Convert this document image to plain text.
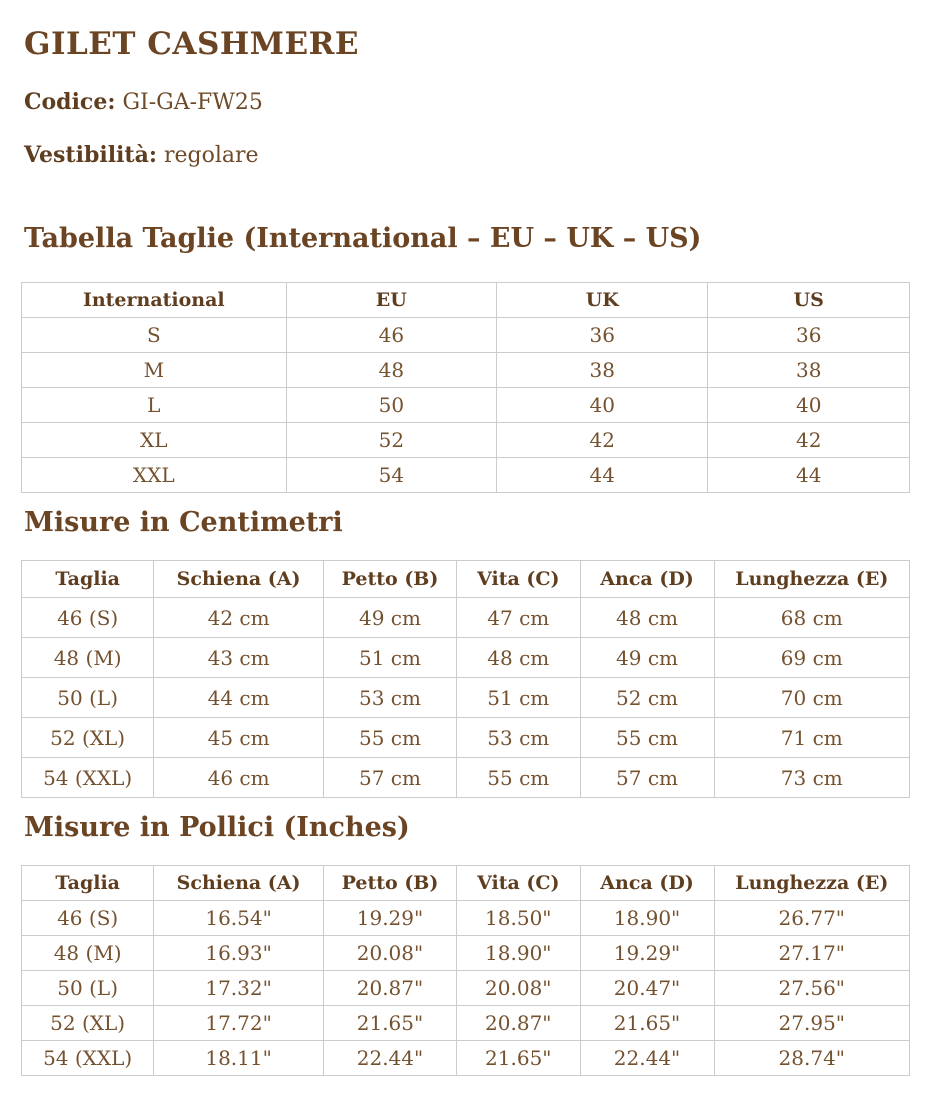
GILET CASHMERE

Codice: GI-GA-FW25

Vestibilità: regolare

Tabella Taglie (International – EU – UK – US)
International	EU	UK	US
S	46	36	36
M	48	38	38
L	50	40	40
XL	52	42	42
XXL	54	44	44
Misure in Centimetri
Taglia	Schiena (A)	Petto (B)	Vita (C)	Anca (D)	Lunghezza (E)
46 (S)	42 cm	49 cm	47 cm	48 cm	68 cm
48 (M)	43 cm	51 cm	48 cm	49 cm	69 cm
50 (L)	44 cm	53 cm	51 cm	52 cm	70 cm
52 (XL)	45 cm	55 cm	53 cm	55 cm	71 cm
54 (XXL)	46 cm	57 cm	55 cm	57 cm	73 cm
Misure in Pollici (Inches)
Taglia	Schiena (A)	Petto (B)	Vita (C)	Anca (D)	Lunghezza (E)
46 (S)	16.54"	19.29"	18.50"	18.90"	26.77"
48 (M)	16.93"	20.08"	18.90"	19.29"	27.17"
50 (L)	17.32"	20.87"	20.08"	20.47"	27.56"
52 (XL)	17.72"	21.65"	20.87"	21.65"	27.95"
54 (XXL)	18.11"	22.44"	21.65"	22.44"	28.74"
